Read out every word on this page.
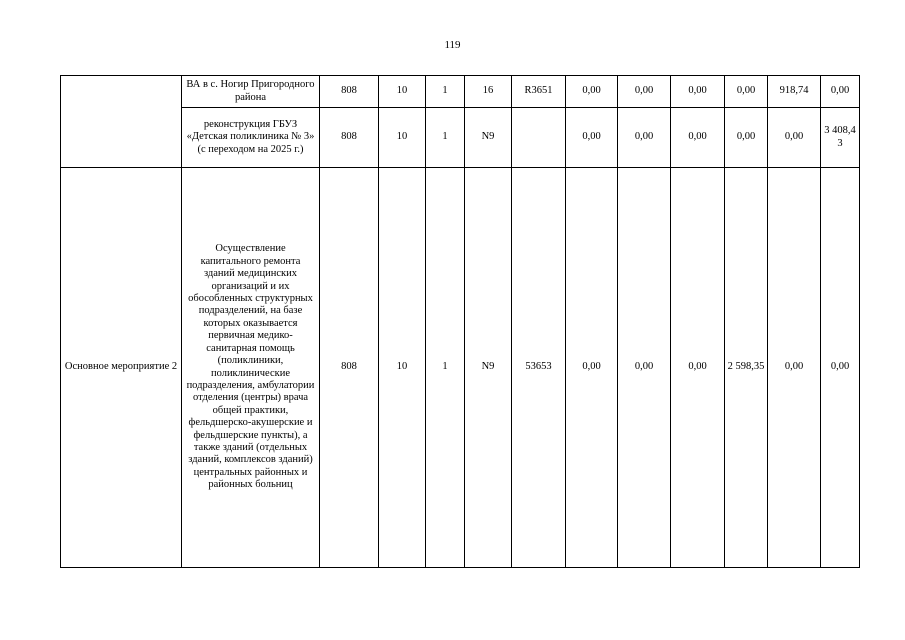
119
	ВА в с. Ногир Пригородного района	808	10	1	16	R3651	0,00	0,00	0,00	0,00	918,74	0,00
	реконструкция ГБУЗ «Детская поликлиника № 3» (с переходом на 2025 г.)	808	10	1	N9		0,00	0,00	0,00	0,00	0,00	3 408,43
Основное мероприятие 2	Осуществление капитального ремонта зданий медицинских организаций и их обособленных структурных подразделений, на базе которых оказывается первичная медико-санитарная помощь (поликлиники, поликлинические подразделения, амбулатории отделения (центры) врача общей практики, фельдшерско-акушерские и фельдшерские пункты), а также зданий (отдельных зданий, комплексов зданий) центральных районных и районных больниц	808	10	1	N9	53653	0,00	0,00	0,00	2 598,35	0,00	0,00
